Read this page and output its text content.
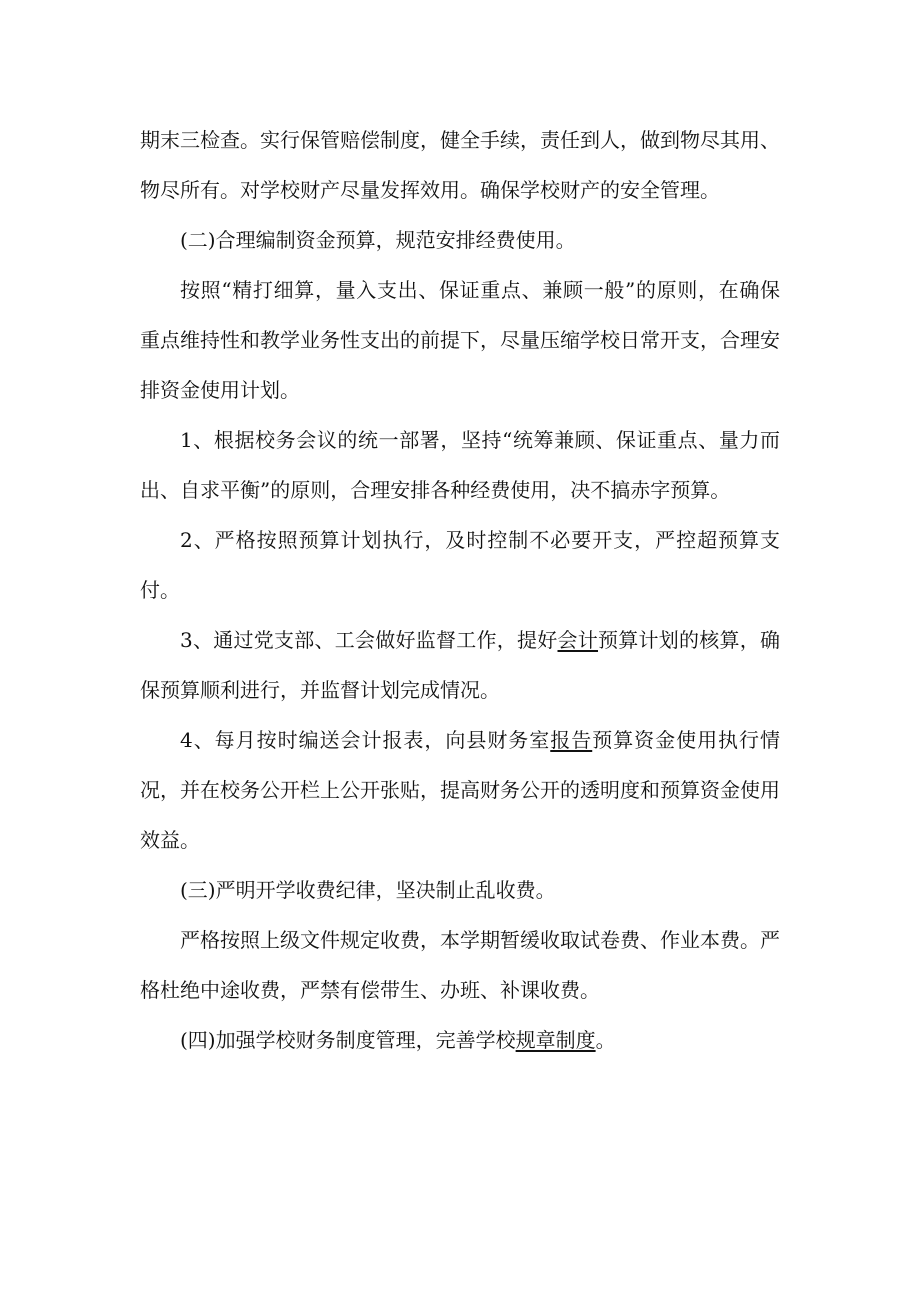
期末三检查。实行保管赔偿制度，健全手续，责任到人，做到物尽其用、物尽所有。对学校财产尽量发挥效用。确保学校财产的安全管理。

(二)合理编制资金预算，规范安排经费使用。

按照“精打细算，量入支出、保证重点、兼顾一般”的原则，在确保重点维持性和教学业务性支出的前提下，尽量压缩学校日常开支，合理安排资金使用计划。

1、根据校务会议的统一部署，坚持“统筹兼顾、保证重点、量力而出、自求平衡”的原则，合理安排各种经费使用，决不搞赤字预算。

2、严格按照预算计划执行，及时控制不必要开支，严控超预算支付。

3、通过党支部、工会做好监督工作，提好会计预算计划的核算，确保预算顺利进行，并监督计划完成情况。

4、每月按时编送会计报表，向县财务室报告预算资金使用执行情况，并在校务公开栏上公开张贴，提高财务公开的透明度和预算资金使用效益。

(三)严明开学收费纪律，坚决制止乱收费。

严格按照上级文件规定收费，本学期暂缓收取试卷费、作业本费。严格杜绝中途收费，严禁有偿带生、办班、补课收费。

(四)加强学校财务制度管理，完善学校规章制度。
